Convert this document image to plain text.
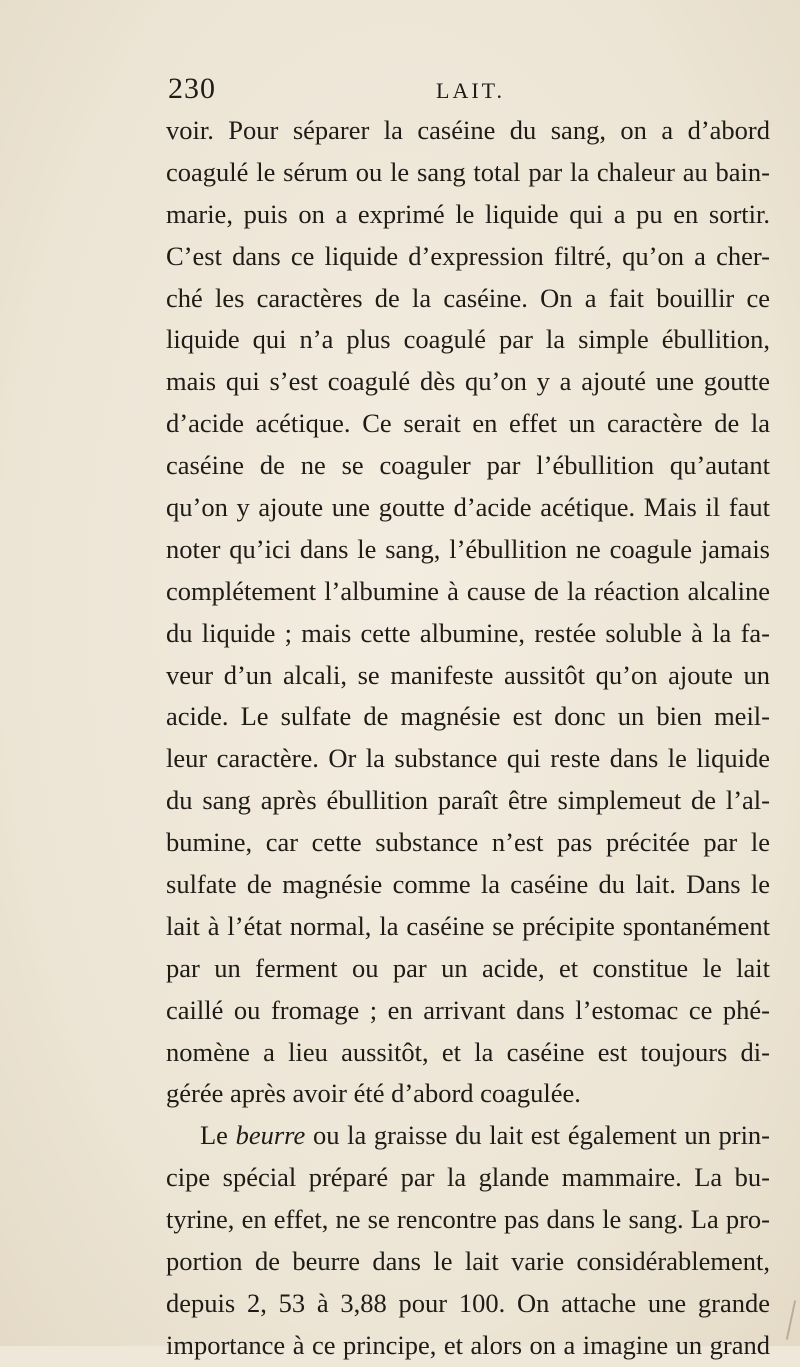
230	LAIT.
voir. Pour séparer la caséine du sang, on a d’abord
coagulé le sérum ou le sang total par la chaleur au bain-
marie, puis on a exprimé le liquide qui a pu en sortir.
C’est dans ce liquide d’expression filtré, qu’on a cher-
ché les caractères de la caséine. On a fait bouillir ce
liquide qui n’a plus coagulé par la simple ébullition,
mais qui s’est coagulé dès qu’on y a ajouté une goutte
d’acide acétique. Ce serait en effet un caractère de la
caséine de ne se coaguler par l’ébullition qu’autant
qu’on y ajoute une goutte d’acide acétique. Mais il faut
noter qu’ici dans le sang, l’ébullition ne coagule jamais
complétement l’albumine à cause de la réaction alcaline
du liquide ; mais cette albumine, restée soluble à la fa-
veur d’un alcali, se manifeste aussitôt qu’on ajoute un
acide. Le sulfate de magnésie est donc un bien meil-
leur caractère. Or la substance qui reste dans le liquide
du sang après ébullition paraît être simplemeut de l’al-
bumine, car cette substance n’est pas précitée par le
sulfate de magnésie comme la caséine du lait. Dans le
lait à l’état normal, la caséine se précipite spontanément
par un ferment ou par un acide, et constitue le lait
caillé ou fromage ; en arrivant dans l’estomac ce phé-
nomène a lieu aussitôt, et la caséine est toujours di-
gérée après avoir été d’abord coagulée.
Le beurre ou la graisse du lait est également un prin-
cipe spécial préparé par la glande mammaire. La bu-
tyrine, en effet, ne se rencontre pas dans le sang. La pro-
portion de beurre dans le lait varie considérablement,
depuis 2, 53 à 3,88 pour 100. On attache une grande
importance à ce principe, et alors on a imagine un grand
